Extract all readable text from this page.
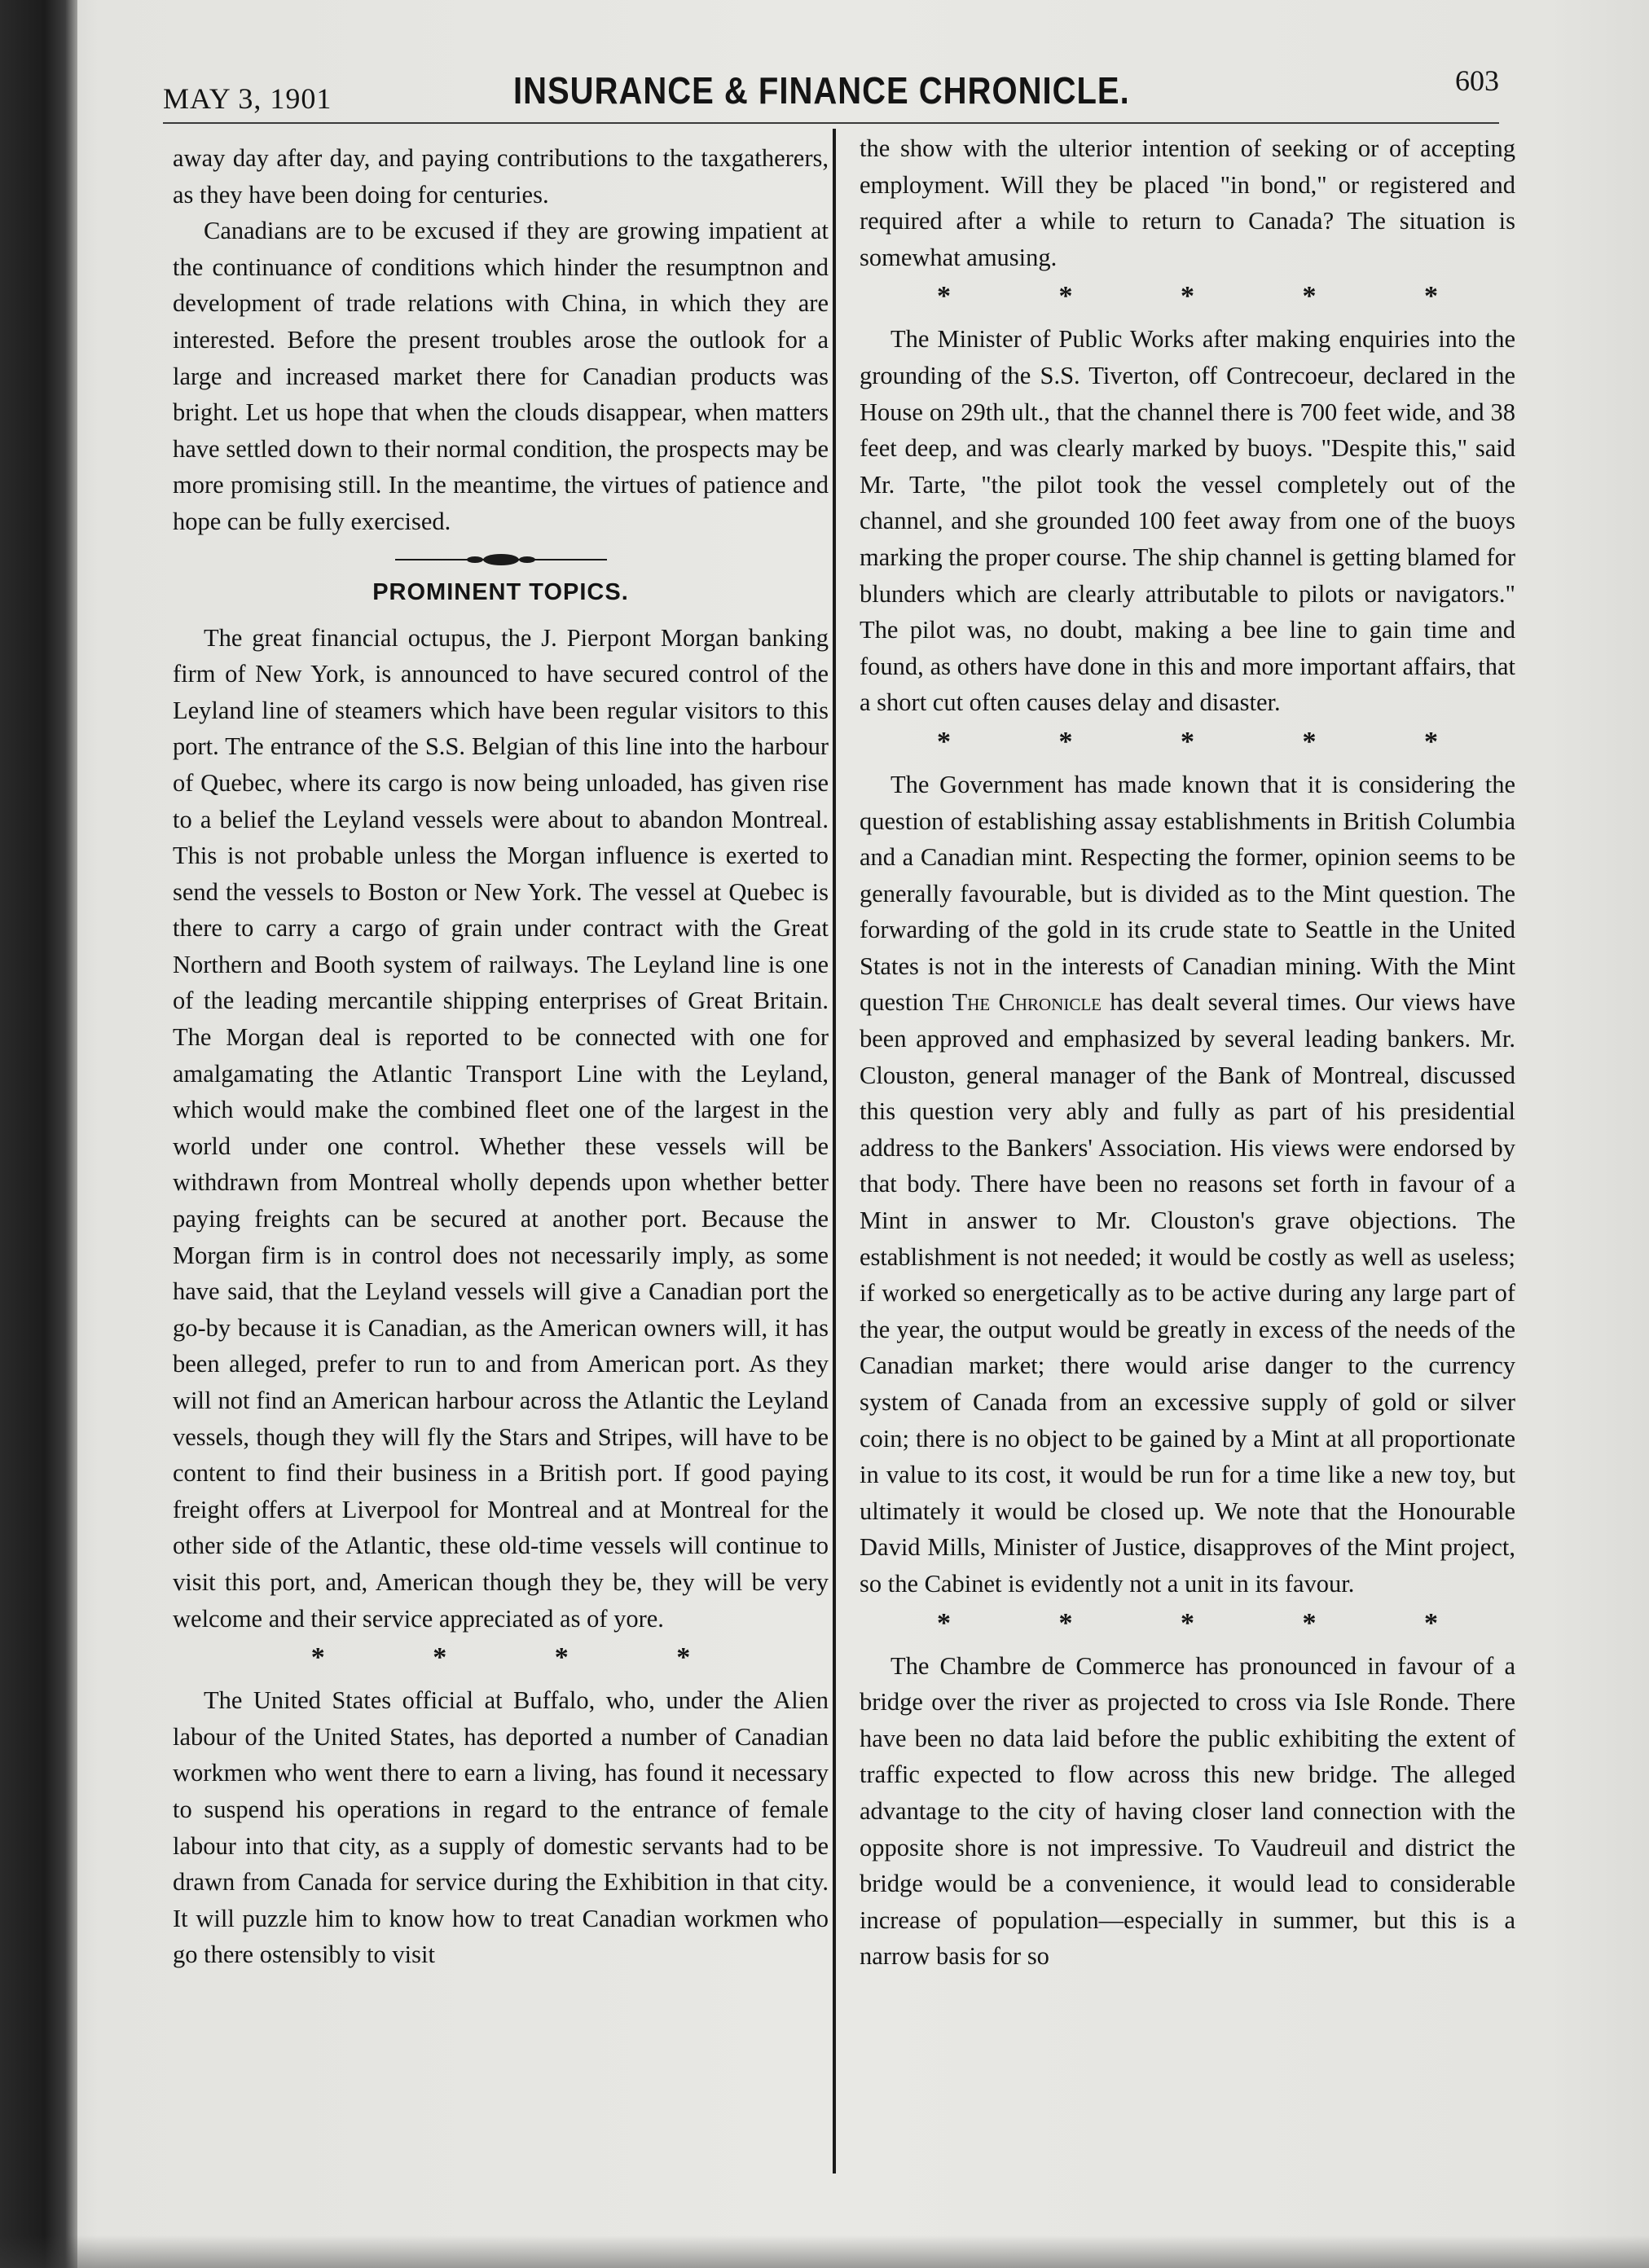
MAY 3, 1901	INSURANCE & FINANCE CHRONICLE.	603

away day after day, and paying contributions to the taxgatherers, as they have been doing for centuries.

Canadians are to be excused if they are growing impatient at the continuance of conditions which hinder the resumptnon and development of trade relations with China, in which they are interested. Before the present troubles arose the outlook for a large and increased market there for Canadian products was bright. Let us hope that when the clouds disappear, when matters have settled down to their normal condition, the prospects may be more promising still. In the meantime, the virtues of patience and hope can be fully exercised.

PROMINENT TOPICS.

The great financial octupus, the J. Pierpont Morgan banking firm of New York, is announced to have secured control of the Leyland line of steamers which have been regular visitors to this port. The entrance of the S.S. Belgian of this line into the harbour of Quebec, where its cargo is now being unloaded, has given rise to a belief the Leyland vessels were about to abandon Montreal. This is not probable unless the Morgan influence is exerted to send the vessels to Boston or New York. The vessel at Quebec is there to carry a cargo of grain under contract with the Great Northern and Booth system of railways. The Leyland line is one of the leading mercantile shipping enterprises of Great Britain. The Morgan deal is reported to be connected with one for amalgamating the Atlantic Transport Line with the Leyland, which would make the combined fleet one of the largest in the world under one control. Whether these vessels will be withdrawn from Montreal wholly depends upon whether better paying freights can be secured at another port. Because the Morgan firm is in control does not necessarily imply, as some have said, that the Leyland vessels will give a Canadian port the go-by because it is Canadian, as the American owners will, it has been alleged, prefer to run to and from American port. As they will not find an American harbour across the Atlantic the Leyland vessels, though they will fly the Stars and Stripes, will have to be content to find their business in a British port. If good paying freight offers at Liverpool for Montreal and at Montreal for the other side of the Atlantic, these old-time vessels will continue to visit this port, and, American though they be, they will be very welcome and their service appreciated as of yore.

* * * *

The United States official at Buffalo, who, under the Alien labour of the United States, has deported a number of Canadian workmen who went there to earn a living, has found it necessary to suspend his operations in regard to the entrance of female labour into that city, as a supply of domestic servants had to be drawn from Canada for service during the Exhibition in that city. It will puzzle him to know how to treat Canadian workmen who go there ostensibly to visit

the show with the ulterior intention of seeking or of accepting employment. Will they be placed "in bond," or registered and required after a while to return to Canada? The situation is somewhat amusing.

* * * * *

The Minister of Public Works after making enquiries into the grounding of the S.S. Tiverton, off Contrecoeur, declared in the House on 29th ult., that the channel there is 700 feet wide, and 38 feet deep, and was clearly marked by buoys. "Despite this," said Mr. Tarte, "the pilot took the vessel completely out of the channel, and she grounded 100 feet away from one of the buoys marking the proper course. The ship channel is getting blamed for blunders which are clearly attributable to pilots or navigators." The pilot was, no doubt, making a bee line to gain time and found, as others have done in this and more important affairs, that a short cut often causes delay and disaster.

* * * * *

The Government has made known that it is considering the question of establishing assay establishments in British Columbia and a Canadian mint. Respecting the former, opinion seems to be generally favourable, but is divided as to the Mint question. The forwarding of the gold in its crude state to Seattle in the United States is not in the interests of Canadian mining. With the Mint question The Chronicle has dealt several times. Our views have been approved and emphasized by several leading bankers. Mr. Clouston, general manager of the Bank of Montreal, discussed this question very ably and fully as part of his presidential address to the Bankers' Association. His views were endorsed by that body. There have been no reasons set forth in favour of a Mint in answer to Mr. Clouston's grave objections. The establishment is not needed; it would be costly as well as useless; if worked so energetically as to be active during any large part of the year, the output would be greatly in excess of the needs of the Canadian market; there would arise danger to the currency system of Canada from an excessive supply of gold or silver coin; there is no object to be gained by a Mint at all proportionate in value to its cost, it would be run for a time like a new toy, but ultimately it would be closed up. We note that the Honourable David Mills, Minister of Justice, disapproves of the Mint project, so the Cabinet is evidently not a unit in its favour.

* * * * *

The Chambre de Commerce has pronounced in favour of a bridge over the river as projected to cross via Isle Ronde. There have been no data laid before the public exhibiting the extent of traffic expected to flow across this new bridge. The alleged advantage to the city of having closer land connection with the opposite shore is not impressive. To Vaudreuil and district the bridge would be a convenience, it would lead to considerable increase of population—especially in summer, but this is a narrow basis for so
